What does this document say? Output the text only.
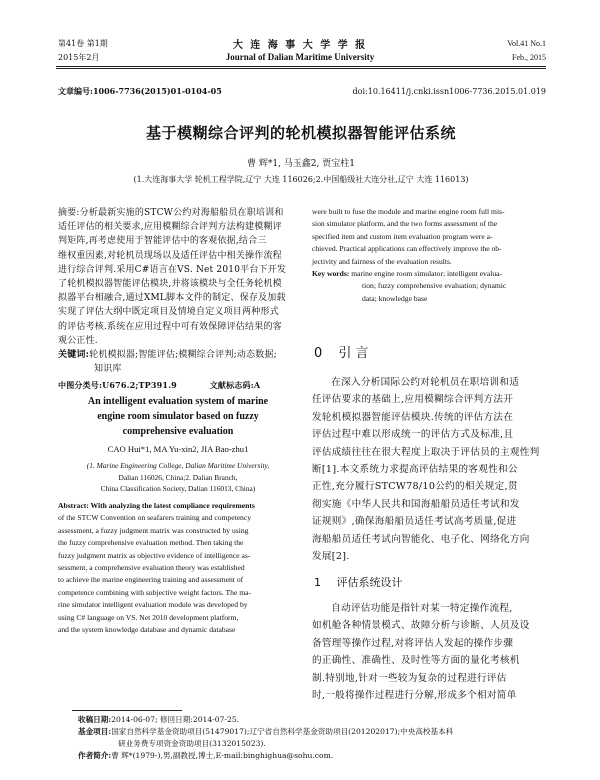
第41卷 第1期
2015年2月
大 连 海 事 大 学 学 报
Journal of Dalian Maritime University
Vol.41 No.1
Feb., 2015
文章编号:1006-7736(2015)01-0104-05	doi:10.16411/j.cnki.issn1006-7736.2015.01.019
基于模糊综合评判的轮机模拟器智能评估系统
曹 辉*1, 马玉鑫2, 贾宝柱1
(1.大连海事大学 轮机工程学院,辽宁 大连 116026;2.中国船级社大连分社,辽宁 大连 116013)
摘要:分析最新实施的STCW公约对海船船员在职培训和
适任评估的相关要求,应用模糊综合评判方法构建模糊评
判矩阵,再考虑使用于智能评估中的客观依据,结合三
维权重因素,对轮机员现场以及适任评估中相关操作流程
进行综合评判.采用C#语言在VS. Net 2010平台下开发
了轮机模拟器智能评估模块,并将该模块与全任务轮机模
拟器平台相融合,通过XML脚本文件的制定、保存及加载
实现了评估大纲中既定项目及情境自定义项目两种形式
的评估考核.系统在应用过程中可有效保障评估结果的客
观公正性.
关键词:轮机模拟器;智能评估;模糊综合评判;动态数据;
知识库
中图分类号:U676.2;TP391.9	文献标志码:A
An intelligent evaluation system of marine
engine room simulator based on fuzzy
comprehensive evaluation
CAO Hui*1, MA Yu-xin2, JIA Bao-zhu1
(1. Marine Engineering College, Dalian Maritime University,
Dalian 116026, China;2. Dalian Branch,
China Classification Society, Dalian 116013, China)
Abstract: With analyzing the latest compliance requirements
of the STCW Convention on seafarers training and competency
assessment, a fuzzy judgment matrix was constructed by using
the fuzzy comprehensive evaluation method. Then taking the
fuzzy judgment matrix as objective evidence of intelligence as-
sessment, a comprehensive evaluation theory was established
to achieve the marine engineering training and assessment of
competence combining with subjective weight factors. The ma-
rine simulator intelligent evaluation module was developed by
using C# language on VS. Net 2010 development platform,
and the system knowledge database and dynamic database
were built to fuse the module and marine engine room full mis-
sion simulator platform, and the two forms assessment of the
specified item and custom item evaluation program were a-
chieved. Practical applications can effectively improve the ob-
jectivity and fairness of the evaluation results.
Key words: marine engine room simulator; intelligent evalua-
tion; fuzzy comprehensive evaluation; dynamic
data; knowledge base
0 引 言
在深入分析国际公约对轮机员在职培训和适
任评估要求的基础上,应用模糊综合评判方法开
发轮机模拟器智能评估模块.传统的评估方法在
评估过程中难以形成统一的评估方式及标准,且
评估成绩往往在很大程度上取决于评估员的主观性判
断[1].本文系统力求提高评估结果的客观性和公
正性,充分履行STCW78/10公约的相关规定,贯
彻实施《中华人民共和国海船船员适任考试和发
证规则》,确保海船船员适任考试高考质量,促进
海船船员适任考试向智能化、电子化、网络化方向
发展[2].
1 评估系统设计
自动评估功能是指针对某一特定操作流程,
如机舱各种情景模式、故障分析与诊断、人员及设
备管理等操作过程,对将评估人发起的操作步骤
的正确性、准确性、及时性等方面的量化考核机
制.特别地,针对一些较为复杂的过程进行评估
时,一般将操作过程进行分解,形成多个相对简单
收稿日期:2014-06-07; 修回日期:2014-07-25.
基金项目:国家自然科学基金资助项目(51479017);辽宁省自然科学基金资助项目(201202017);中央高校基本科
研业务费专项资金资助项目(3132015023).
作者简介:曹 辉*(1979-),男,副教授,博士,E-mail:binghighua@sohu.com.
